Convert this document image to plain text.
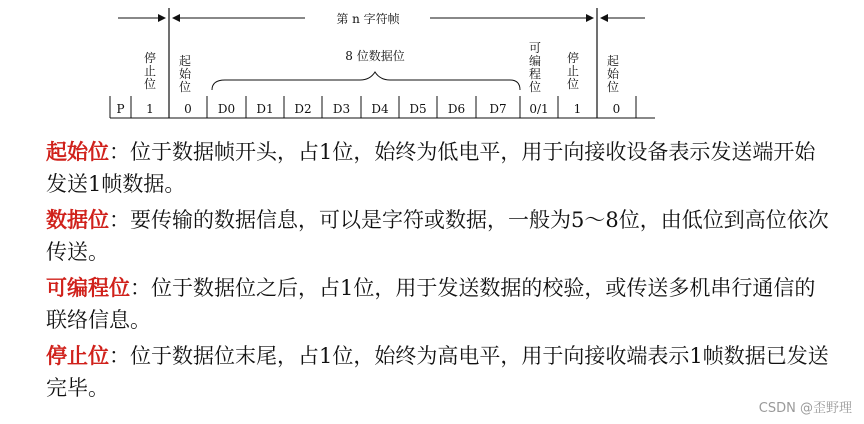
第 n 字符帧
8 位数据位
P 1	0 D0 D1 D2 D3 D4 D5 D6 D7 0/1 1	0
停止位
起始位
可编程位
停止位
起始位
起始位：位于数据帧开头，占1位，始终为低电平，用于向接收设备表示发送端开始发送1帧数据。
数据位：要传输的数据信息，可以是字符或数据，一般为5～8位，由低位到高位依次传送。
可编程位：位于数据位之后，占1位，用于发送数据的校验，或传送多机串行通信的联络信息。
停止位：位于数据位末尾，占1位，始终为高电平，用于向接收端表示1帧数据已发送完毕。
CSDN @歪野理
